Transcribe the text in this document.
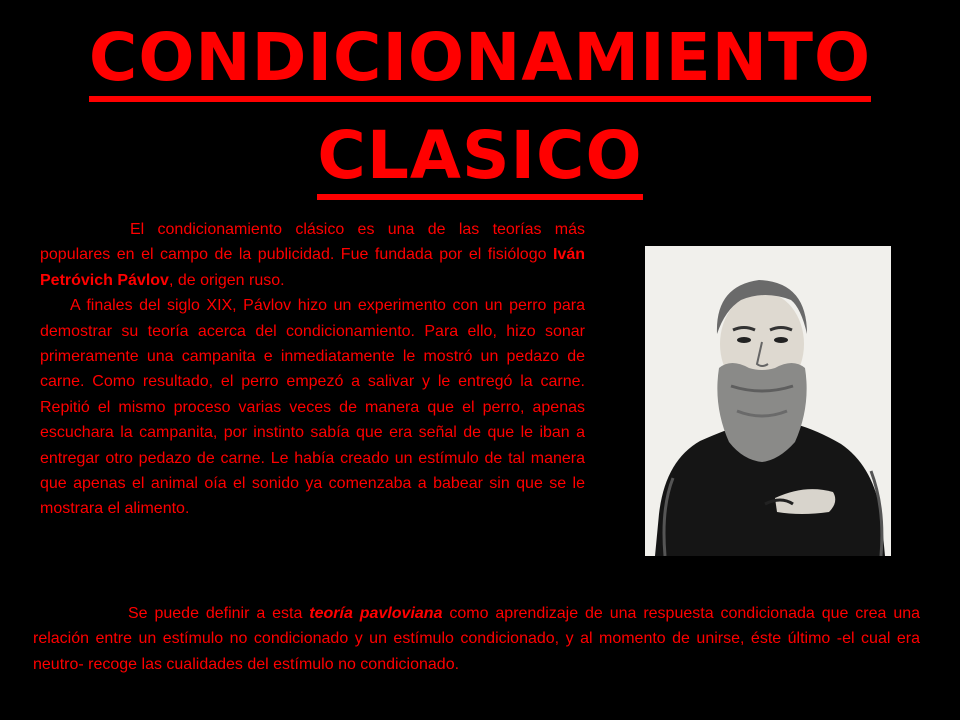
CONDICIONAMIENTO
CLASICO

El condicionamiento clásico es una de las teorías más populares en el campo de la publicidad. Fue fundada por el fisiólogo Iván Petróvich Pávlov, de origen ruso.

A finales del siglo XIX, Pávlov hizo un experimento con un perro para demostrar su teoría acerca del condicionamiento. Para ello, hizo sonar primeramente una campanita e inmediatamente le mostró un pedazo de carne. Como resultado, el perro empezó a salivar y le entregó la carne. Repitió el mismo proceso varias veces de manera que el perro, apenas escuchara la campanita, por instinto sabía que era señal de que le iban a entregar otro pedazo de carne. Le había creado un estímulo de tal manera que apenas el animal oía el sonido ya comenzaba a babear sin que se le mostrara el alimento.

Se puede definir a esta teoría pavloviana como aprendizaje de una respuesta condicionada que crea una relación entre un estímulo no condicionado y un estímulo condicionado, y al momento de unirse, éste último -el cual era neutro- recoge las cualidades del estímulo no condicionado.
